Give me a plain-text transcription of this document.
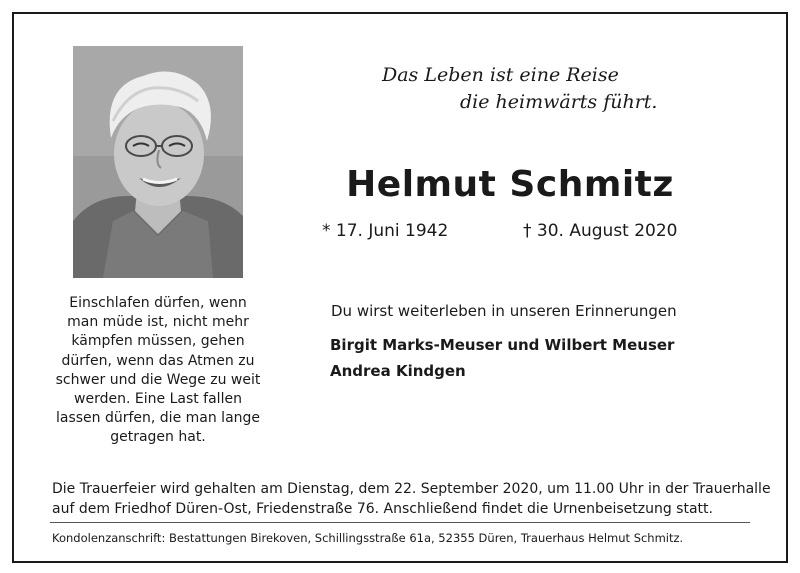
Das Leben ist eine Reise
die heimwärts führt.
Helmut Schmitz
* 17. Juni 1942	† 30. August 2020
Einschlafen dürfen, wenn
man müde ist, nicht mehr
kämpfen müssen, gehen
dürfen, wenn das Atmen zu
schwer und die Wege zu weit
werden. Eine Last fallen
lassen dürfen, die man lange
getragen hat.
Du wirst weiterleben in unseren Erinnerungen
Birgit Marks-Meuser und Wilbert Meuser
Andrea Kindgen
Die Trauerfeier wird gehalten am Dienstag, dem 22. September 2020, um 11.00 Uhr in der Trauerhalle
auf dem Friedhof Düren-Ost, Friedenstraße 76. Anschließend findet die Urnenbeisetzung statt.
Kondolenzanschrift: Bestattungen Birekoven, Schillingsstraße 61a, 52355 Düren, Trauerhaus Helmut Schmitz.
